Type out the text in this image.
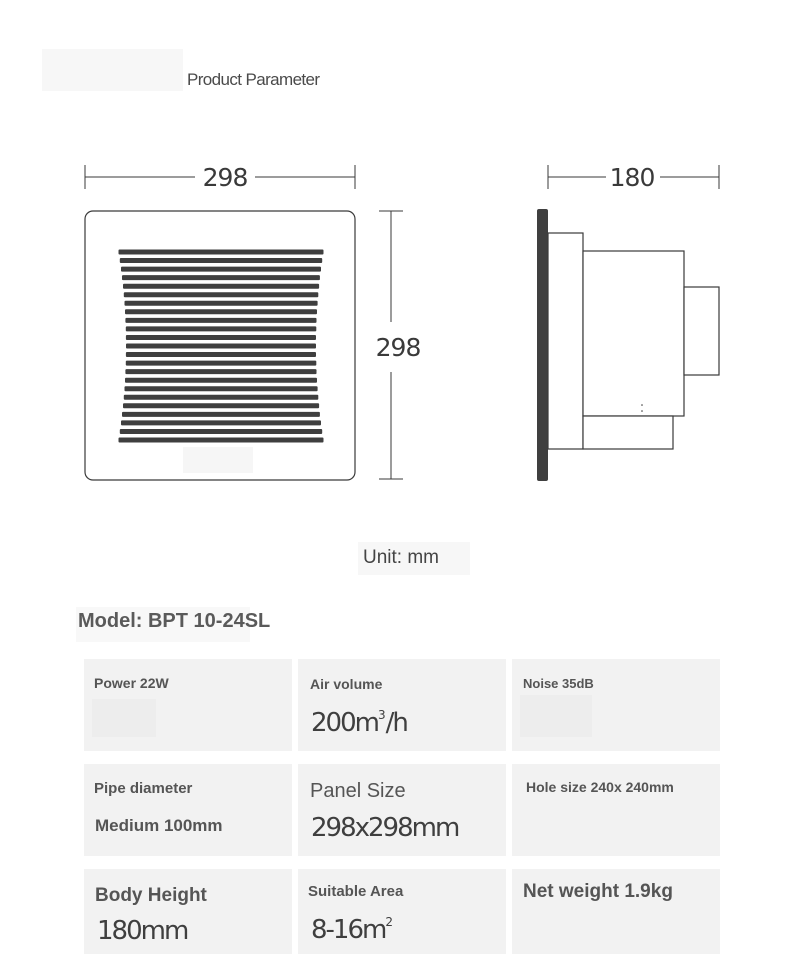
Product Parameter
298
298
180
Unit: mm
Model: BPT 10-24SL
Power 22W	Air volume
$200m^3/h$
Noise 35dB
Pipe diameter
Medium 100mm
Panel Size
298x298mm
Hole size 240x 240mm
Body Height
180mm
Suitable Area
$8-16m^2$
Net weight 1.9kg
